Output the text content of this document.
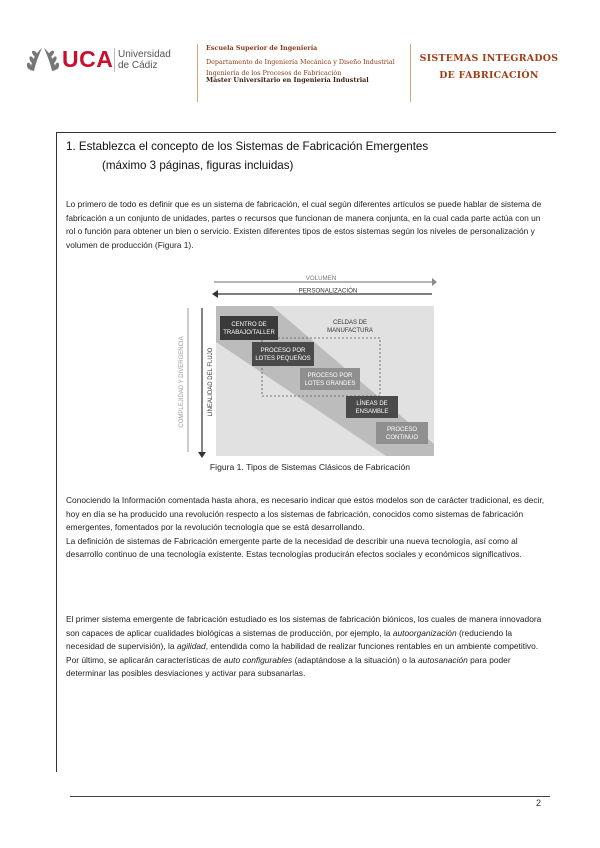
UCA Universidad
de Cádiz
Escuela Superior de Ingeniería
Departamento de Ingeniería Mecánica y Diseño Industrial
Ingeniería de los Procesos de Fabricación
Máster Universitario en Ingeniería Industrial
SISTEMAS INTEGRADOS
DE FABRICACIÓN
1. Establezca el concepto de los Sistemas de Fabricación Emergentes
(máximo 3 páginas, figuras incluidas)

Lo primero de todo es definir que es un sistema de fabricación, el cual según diferentes artículos se puede hablar de sistema de fabricación a un conjunto de unidades, partes o recursos que funcionan de manera conjunta, en la cual cada parte actúa con un rol o función para obtener un bien o servicio. Existen diferentes tipos de estos sistemas según los niveles de personalización y volumen de producción (Figura 1).

VOLUMEN
PERSONALIZACIÓN
COMPLEJIDAD Y DIVERGENCIA	LINEALIDAD DEL FLUJO
CENTRO DE
TRABAJO/TALLER
CELDAS DE
MANUFACTURA
PROCESO POR
LOTES PEQUEÑOS
PROCESO POR
LOTES GRANDES
LÍNEAS DE
ENSAMBLE
PROCESO
CONTINUO
Figura 1. Tipos de Sistemas Clásicos de Fabricación

Conociendo la Información comentada hasta ahora, es necesario indicar que estos modelos son de carácter tradicional, es decir, hoy en día se ha producido una revolución respecto a los sistemas de fabricación, conocidos como sistemas de fabricación emergentes, fomentados por la revolución tecnología que se está desarrollando.

La definición de sistemas de Fabricación emergente parte de la necesidad de describir una nueva tecnología, así como al desarrollo continuo de una tecnología existente. Estas tecnologías producirán efectos sociales y económicos significativos.

El primer sistema emergente de fabricación estudiado es los sistemas de fabricación biónicos, los cuales de manera innovadora son capaces de aplicar cualidades biológicas a sistemas de producción, por ejemplo, la autoorganización (reduciendo la necesidad de supervisión), la agilidad, entendida como la habilidad de realizar funciones rentables en un ambiente competitivo. Por último, se aplicarán características de auto configurables (adaptándose a la situación) o la autosanación para poder determinar las posibles desviaciones y activar para subsanarlas.

2
